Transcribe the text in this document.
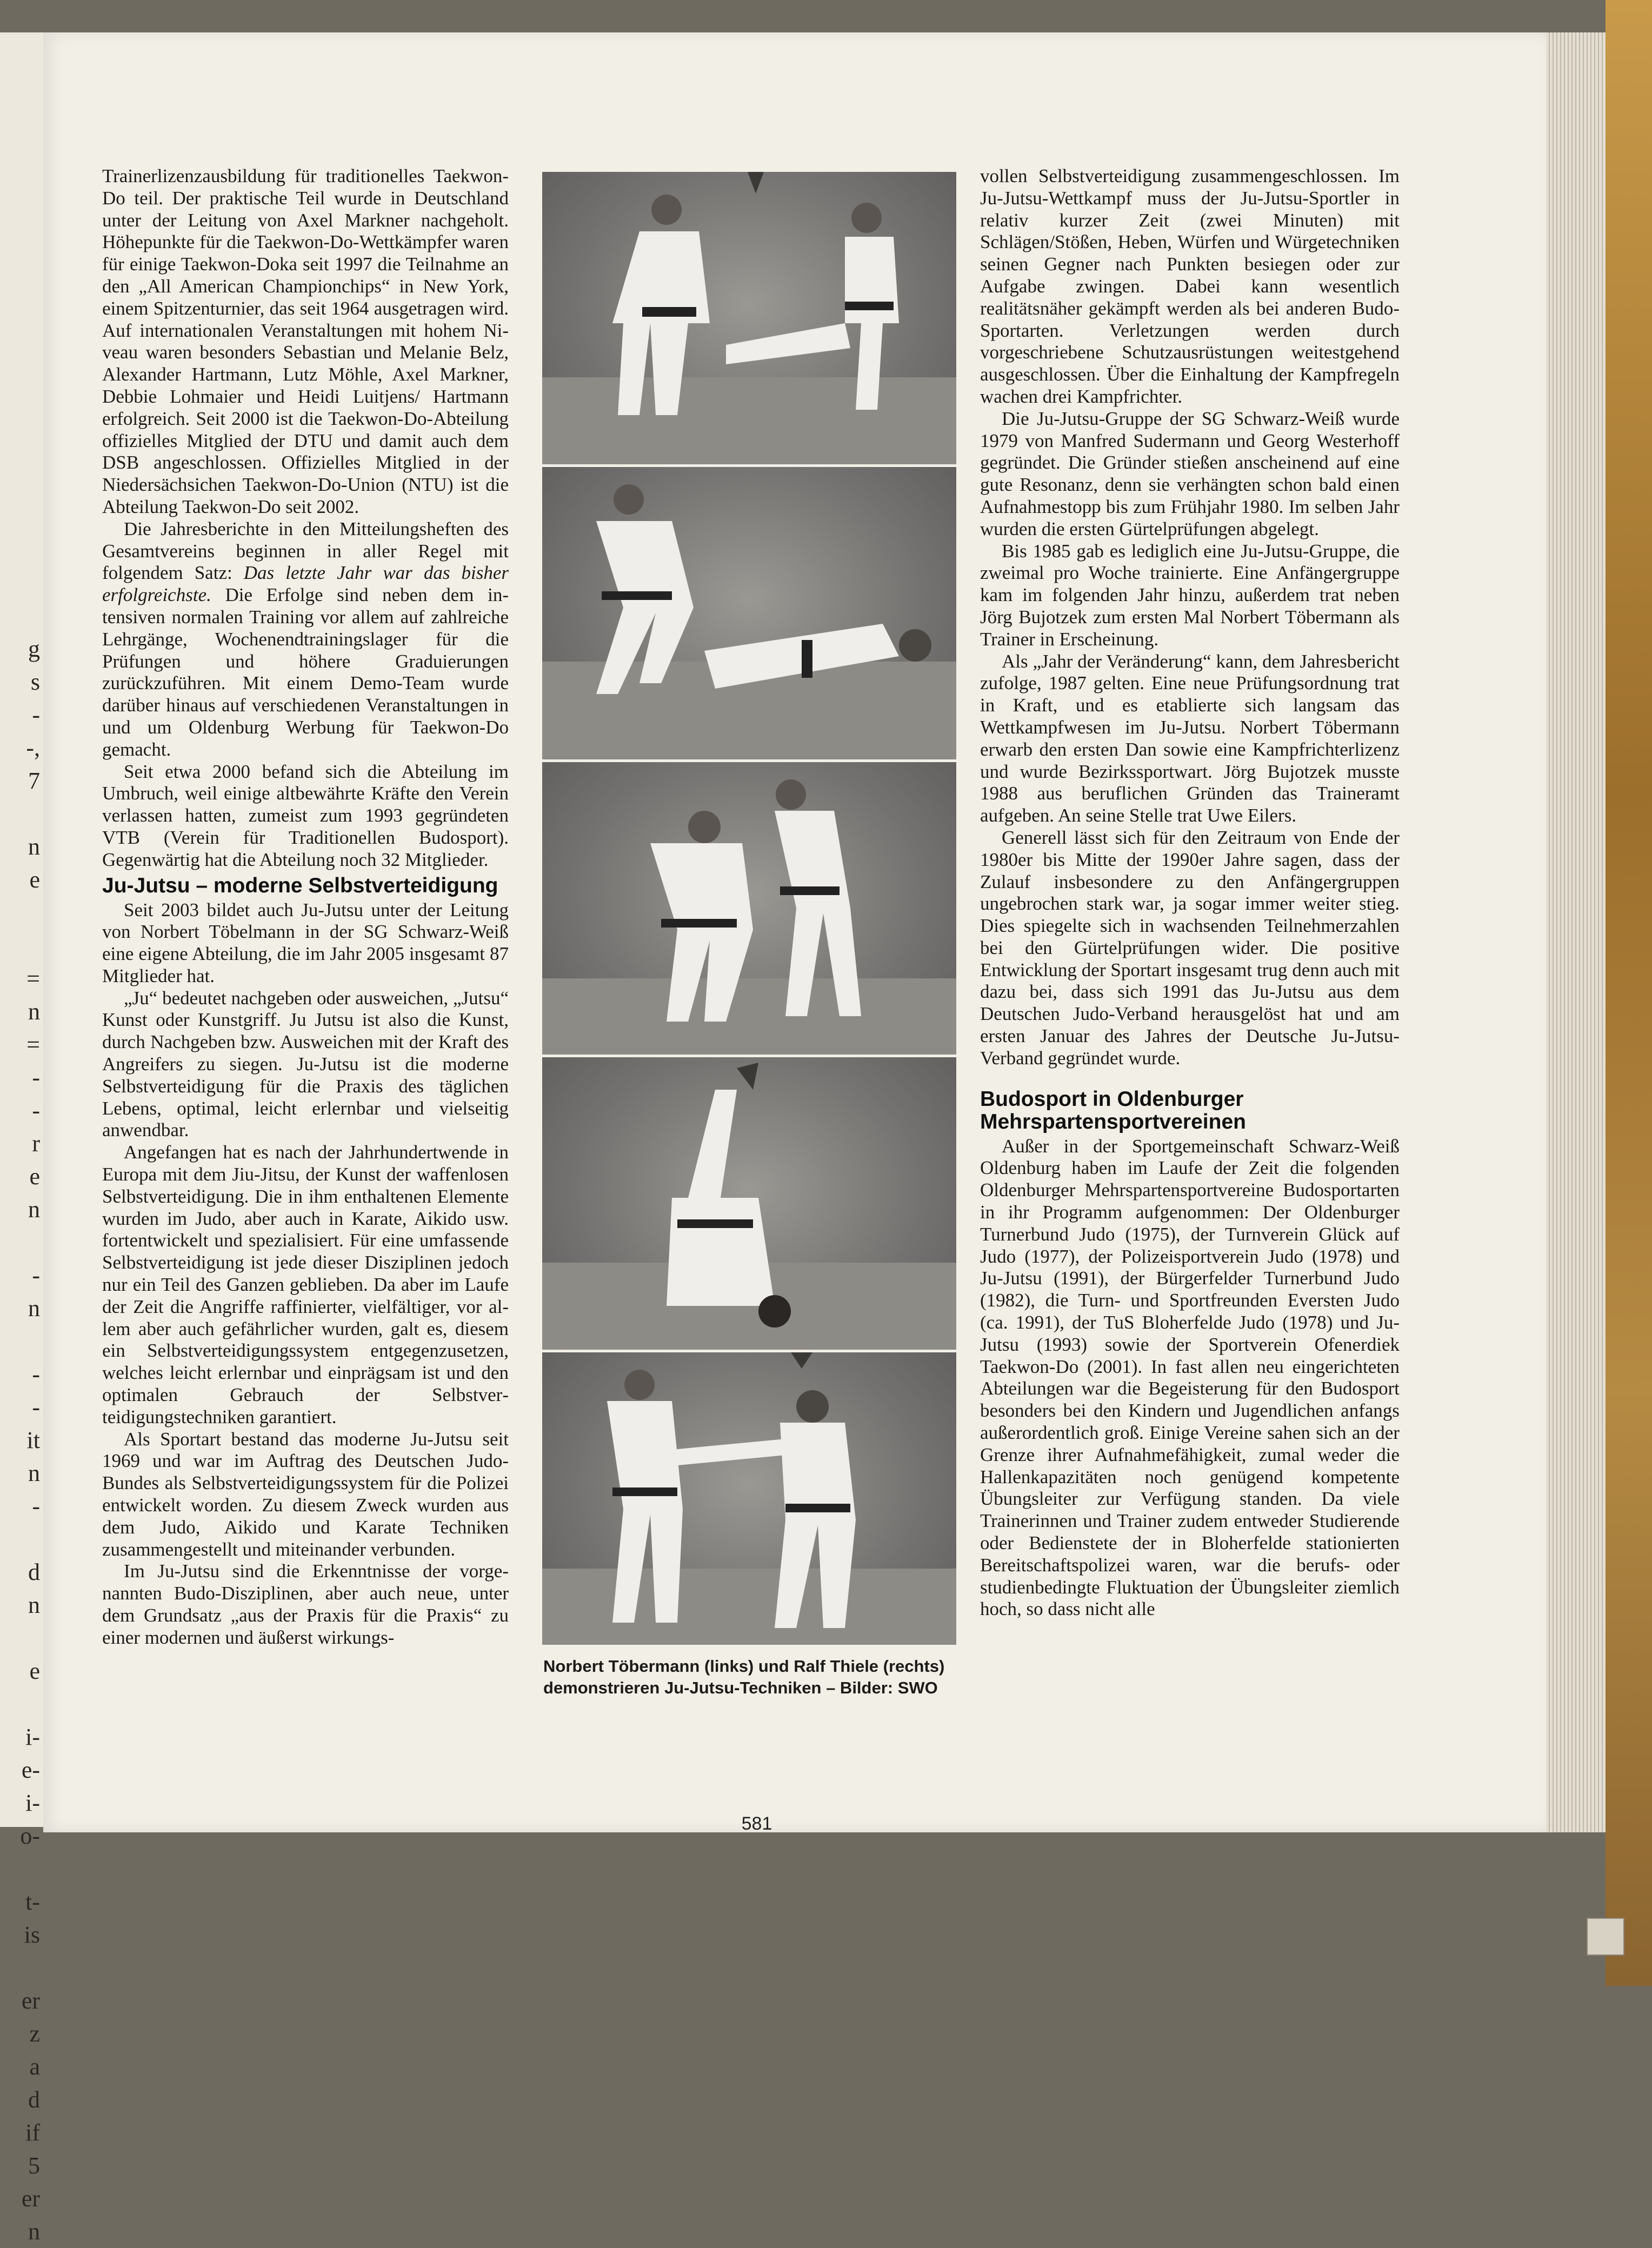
g
s
-
-,
7

n
e

=
n
=
-
-
r
e
n

-
n

-
-
it
n
-

d
n

e

i-
e-
i-
o-

t-
is

er
z
a
d
if
5
er
n

Trainerlizenzausbildung für traditionelles Taekwon-Do teil. Der praktische Teil wurde in Deutschland unter der Leitung von Axel Markner nachgeholt. Höhepunkte für die Taekwon-Do-Wettkämpfer waren für einige Taekwon-Doka seit 1997 die Teilnahme an den „All American Championchips“ in New York, einem Spitzenturnier, das seit 1964 ausgetragen wird. Auf internationalen Veranstaltungen mit hohem Niveau waren besonders Sebastian und Melanie Belz, Alexander Hartmann, Lutz Möhle, Axel Markner, Debbie Lohmaier und Heidi Luitjens/ Hartmann erfolgreich. Seit 2000 ist die Taekwon-Do-Abteilung offizielles Mitglied der DTU und damit auch dem DSB angeschlossen. Offizielles Mitglied in der Niedersächsichen Taekwon-Do-Union (NTU) ist die Abteilung Taekwon-Do seit 2002.

Die Jahresberichte in den Mitteilungsheften des Gesamtvereins beginnen in aller Regel mit folgendem Satz: Das letzte Jahr war das bisher erfolgreichste. Die Erfolge sind neben dem intensiven normalen Training vor allem auf zahlreiche Lehrgänge, Wochenendtrainingslager für die Prüfungen und höhere Graduierungen zurückzuführen. Mit einem Demo-Team wurde darüber hinaus auf verschiedenen Veranstaltungen in und um Oldenburg Werbung für Taekwon-Do gemacht.

Seit etwa 2000 befand sich die Abteilung im Umbruch, weil einige altbewährte Kräfte den Verein verlassen hatten, zumeist zum 1993 gegründeten VTB (Verein für Traditionellen Budosport). Gegenwärtig hat die Abteilung noch 32 Mitglieder.

Ju-Jutsu – moderne Selbstverteidigung

Seit 2003 bildet auch Ju-Jutsu unter der Leitung von Norbert Töbelmann in der SG Schwarz-Weiß eine eigene Abteilung, die im Jahr 2005 insgesamt 87 Mitglieder hat.

„Ju“ bedeutet nachgeben oder ausweichen, „Jutsu“ Kunst oder Kunstgriff. Ju Jutsu ist also die Kunst, durch Nachgeben bzw. Ausweichen mit der Kraft des Angreifers zu siegen. Ju-Jutsu ist die moderne Selbstverteidigung für die Praxis des täglichen Lebens, optimal, leicht erlernbar und vielseitig anwendbar.

Angefangen hat es nach der Jahrhundertwende in Europa mit dem Jiu-Jitsu, der Kunst der waffenlosen Selbstverteidigung. Die in ihm enthaltenen Elemente wurden im Judo, aber auch in Karate, Aikido usw. fortentwickelt und spezialisiert. Für eine umfassende Selbstverteidigung ist jede dieser Disziplinen jedoch nur ein Teil des Ganzen geblieben. Da aber im Laufe der Zeit die Angriffe raffinierter, vielfältiger, vor allem aber auch gefährlicher wurden, galt es, diesem ein Selbstverteidigungssystem entgegenzusetzen, welches leicht erlernbar und einprägsam ist und den optimalen Gebrauch der Selbstverteidigungstechniken garantiert.

Als Sportart bestand das moderne Ju-Jutsu seit 1969 und war im Auftrag des Deutschen Judo-Bundes als Selbstverteidigungssystem für die Polizei entwickelt worden. Zu diesem Zweck wurden aus dem Judo, Aikido und Karate Techniken zusammengestellt und miteinander verbunden.

Im Ju-Jutsu sind die Erkenntnisse der vorgenannten Budo-Disziplinen, aber auch neue, unter dem Grundsatz „aus der Praxis für die Praxis“ zu einer modernen und äußerst wirkungs-

Norbert Töbermann (links) und Ralf Thiele (rechts)
demonstrieren Ju-Jutsu-Techniken – Bilder: SWO

vollen Selbstverteidigung zusammengeschlossen. Im Ju-Jutsu-Wettkampf muss der Ju-Jutsu-Sportler in relativ kurzer Zeit (zwei Minuten) mit Schlägen/Stößen, Heben, Würfen und Würgetechniken seinen Gegner nach Punkten besiegen oder zur Aufgabe zwingen. Dabei kann wesentlich realitätsnäher gekämpft werden als bei anderen Budo-Sportarten. Verletzungen werden durch vorgeschriebene Schutzausrüstungen weitestgehend ausgeschlossen. Über die Einhaltung der Kampfregeln wachen drei Kampfrichter.

Die Ju-Jutsu-Gruppe der SG Schwarz-Weiß wurde 1979 von Manfred Sudermann und Georg Westerhoff gegründet. Die Gründer stießen anscheinend auf eine gute Resonanz, denn sie verhängten schon bald einen Aufnahmestopp bis zum Frühjahr 1980. Im selben Jahr wurden die ersten Gürtelprüfungen abgelegt.

Bis 1985 gab es lediglich eine Ju-Jutsu-Gruppe, die zweimal pro Woche trainierte. Eine Anfängergruppe kam im folgenden Jahr hinzu, außerdem trat neben Jörg Bujotzek zum ersten Mal Norbert Töbermann als Trainer in Erscheinung.

Als „Jahr der Veränderung“ kann, dem Jahresbericht zufolge, 1987 gelten. Eine neue Prüfungsordnung trat in Kraft, und es etablierte sich langsam das Wettkampfwesen im Ju-Jutsu. Norbert Töbermann erwarb den ersten Dan sowie eine Kampfrichterlizenz und wurde Bezirkssportwart. Jörg Bujotzek musste 1988 aus beruflichen Gründen das Traineramt aufgeben. An seine Stelle trat Uwe Eilers.

Generell lässt sich für den Zeitraum von Ende der 1980er bis Mitte der 1990er Jahre sagen, dass der Zulauf insbesondere zu den Anfängergruppen ungebrochen stark war, ja sogar immer weiter stieg. Dies spiegelte sich in wachsenden Teilnehmerzahlen bei den Gürtelprüfungen wider. Die positive Entwicklung der Sportart insgesamt trug denn auch mit dazu bei, dass sich 1991 das Ju-Jutsu aus dem Deutschen Judo-Verband herausgelöst hat und am ersten Januar des Jahres der Deutsche Ju-Jutsu-Verband gegründet wurde.

Budosport in Oldenburger
Mehrspartensportvereinen

Außer in der Sportgemeinschaft Schwarz-Weiß Oldenburg haben im Laufe der Zeit die folgenden Oldenburger Mehrspartensportvereine Budosportarten in ihr Programm aufgenommen: Der Oldenburger Turnerbund Judo (1975), der Turnverein Glück auf Judo (1977), der Polizeisportverein Judo (1978) und Ju-Jutsu (1991), der Bürgerfelder Turnerbund Judo (1982), die Turn- und Sportfreunden Eversten Judo (ca. 1991), der TuS Bloherfelde Judo (1978) und Ju-Jutsu (1993) sowie der Sportverein Ofenerdiek Taekwon-Do (2001). In fast allen neu eingerichteten Abteilungen war die Begeisterung für den Budosport besonders bei den Kindern und Jugendlichen anfangs außerordentlich groß. Einige Vereine sahen sich an der Grenze ihrer Aufnahmefähigkeit, zumal weder die Hallenkapazitäten noch genügend kompetente Übungsleiter zur Verfügung standen. Da viele Trainerinnen und Trainer zudem entweder Studierende oder Bedienstete der in Bloherfelde stationierten Bereitschaftspolizei waren, war die berufs- oder studienbedingte Fluktuation der Übungsleiter ziemlich hoch, so dass nicht alle

581
